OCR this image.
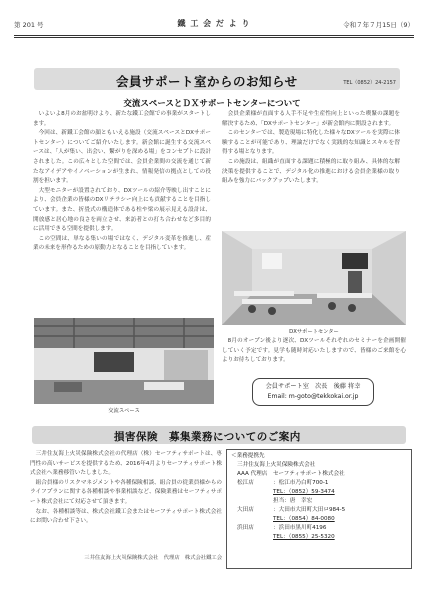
第 201 号	鐵 工 会 だ よ り	令和７年７月15日（9）
会員サポート室からのお知らせ	TEL（0852）24-2157
交流スペースとＤＸサポートセンターについて

いよいよ8月のお盆明けより、新たな鐵工会館での事業がスタートします。

今回は、新鐵工会館の顔ともいえる施設（交流スペースとDXサポートセンター）についてご紹介いたします。新会館に誕生する交流スペースは、「人が集い、出会い、繋がりを深める場」をコンセプトに設計されました。この広々とした空間では、会員企業間の交流を通じて新たなアイデアやイノベーションが生まれ、情報発信の拠点としての役割を担います。

大型モニターが設置されており、DXツールの紹介等映し出すことにより、会員企業の皆様のDXリテラシー向上にも貢献することを目指しています。また、折畳式の構造体である柱や梁の展示見える設計は、開放感と居心地の良さを両立させ、来訪者との打ち合わせなど多目的に活用できる空間を提供します。

この空間は、単なる集いの場ではなく、デジタル変革を推進し、産業の未来を形作るための原動力となることを目指しています。

会員企業様が直面する人手不足や生産性向上といった喫緊の課題を解決するため、「DXサポートセンター」が新会館内に開設されます。

このセンターでは、製造現場に特化した様々なDXツールを実際に体験することが可能であり、理論だけでなく実践的な知識とスキルを習得する場となります。

この施設は、組織が直面する課題に積極的に取り組み、具体的な解決策を提供することで、デジタル化の推進における会員企業様の取り組みを強力にバックアップいたします。

DXサポートセンター
交流スペース

8月のオープン後より逐次、DXツールそれぞれのセミナーを企画開催していく予定です。見学も随時対応いたしますので、皆様のご来館を心よりお待ちしております。

会員サポート室　次長　後藤 将幸
Email: m-goto@tekkokai.or.jp
損害保険　募集業務についてのご案内

三井住友海上火災保険株式会社の代理店（株）セーフティサポートは、専門性の高いサービスを提供するため、2016年4月よりセーフティサポート株式会社へ業務移管いたしました。

組合員様のリスクマネジメントや各種保険相談、組合員の従業員様からのライフプランに関する各種相談や事業相談など、保険業務はセーフティサポート株式会社にて対応させて頂きます。

なお、各種相談等は、株式会社鐵工会またはセーフティサポート株式会社にお問い合わせ下さい。

三井住友海上火災保険株式会社　代理店　株式会社鐵工会
＜業務提携先
三井住友海上火災保険株式会社
AAA 代理店　セーフティサポート株式会社
松江店	：松江市乃白町700-1
TEL：（0852）59-3474
担当：唐　幸宏
大田店	：大田市大田町大田ロ984-5
TEL：（0854）84-0080
浜田店	：浜田市黒川町4196
TEL：（0855）25-5320
